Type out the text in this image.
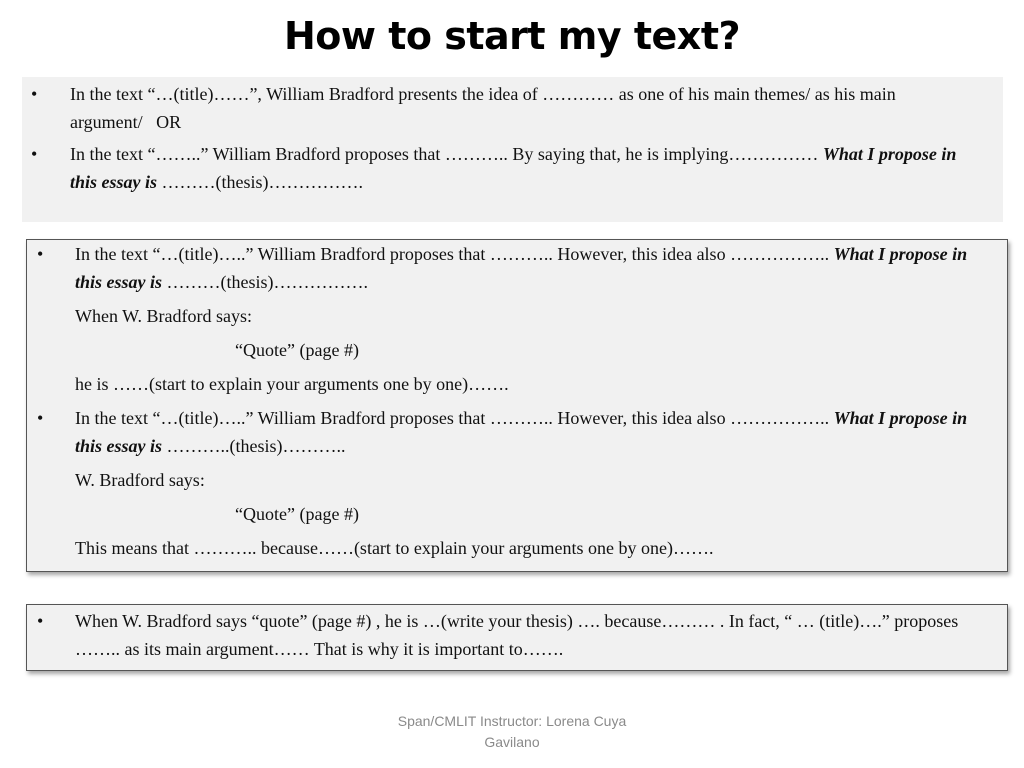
How to start my text?
• In the text “…(title)……”, William Bradford presents the idea of ………… as one of his main themes/ as his main argument/   OR
• In the text “……..” William Bradford proposes that ……….. By saying that, he is implying…………… What I propose in this essay is ………(thesis)…………….
• In the text “…(title)…..” William Bradford proposes that ……….. However, this idea also …………….. What I propose in this essay is ………(thesis)…………….
When W. Bradford says:
“Quote” (page #)
he is ……(start to explain your arguments one by one)…….
• In the text “…(title)…..” William Bradford proposes that ……….. However, this idea also …………….. What I propose in this essay is ………..(thesis)………..
W. Bradford says:
“Quote” (page #)
This means that ……….. because……(start to explain your arguments one by one)…….
• When W. Bradford says “quote” (page #) , he is …(write your thesis) …. because……… . In fact, “ … (title)….” proposes …….. as its main argument…… That is why it is important to…….
Span/CMLIT Instructor: Lorena Cuya Gavilano
